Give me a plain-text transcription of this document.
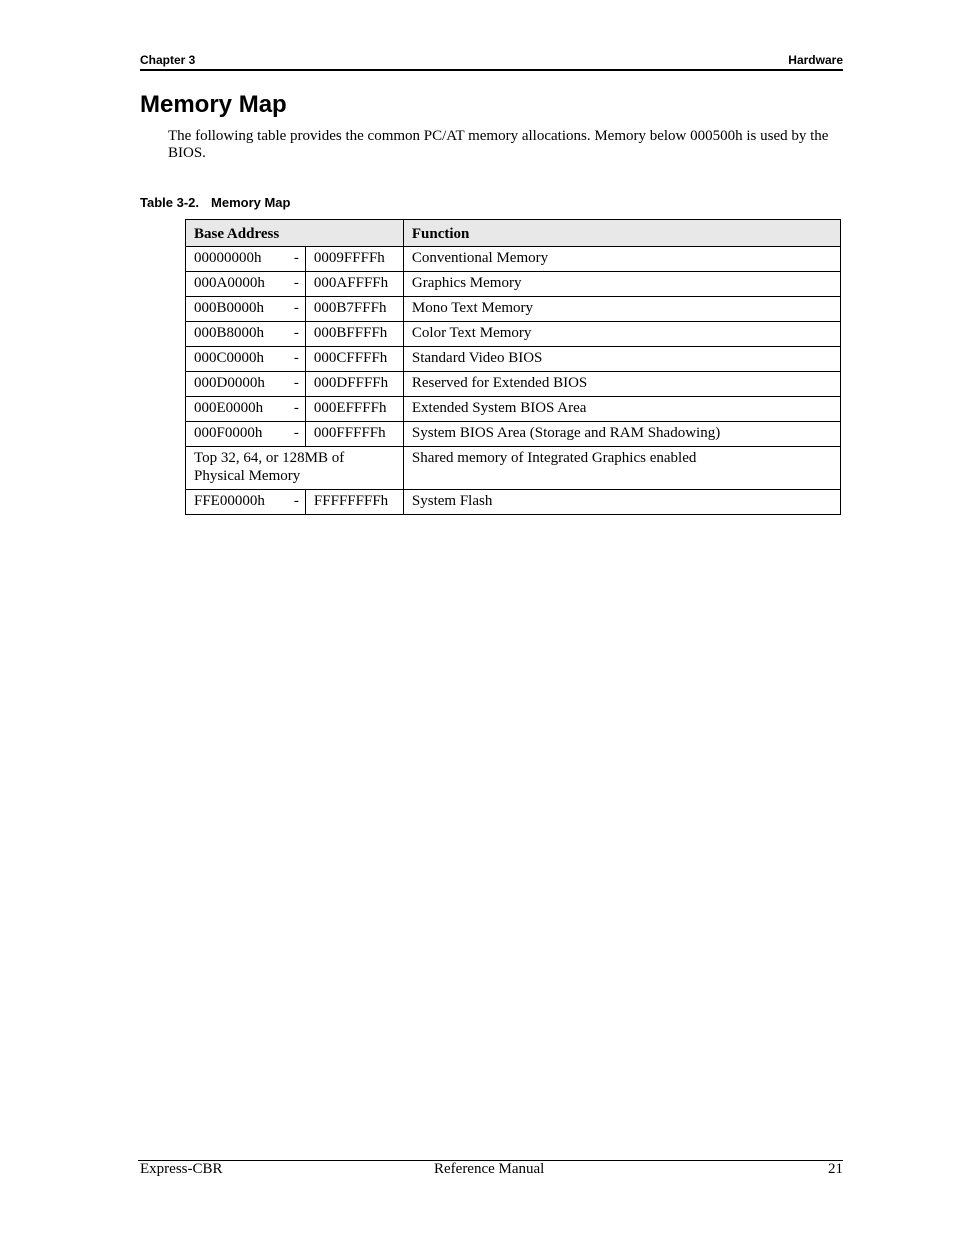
Chapter 3	Hardware
Memory Map

The following table provides the common PC/AT memory allocations. Memory below 000500h is used by the BIOS.

Table 3-2. Memory Map

Base Address			Function
00000000h	-	0009FFFFh	Conventional Memory
000A0000h	-	000AFFFFh	Graphics Memory
000B0000h	-	000B7FFFh	Mono Text Memory
000B8000h	-	000BFFFFh	Color Text Memory
000C0000h	-	000CFFFFh	Standard Video BIOS
000D0000h	-	000DFFFFh	Reserved for Extended BIOS
000E0000h	-	000EFFFFh	Extended System BIOS Area
000F0000h	-	000FFFFFh	System BIOS Area (Storage and RAM Shadowing)
Top 32, 64, or 128MB of Physical Memory			Shared memory of Integrated Graphics enabled
FFE00000h	-	FFFFFFFFh	System Flash
Express-CBR	Reference Manual	21
